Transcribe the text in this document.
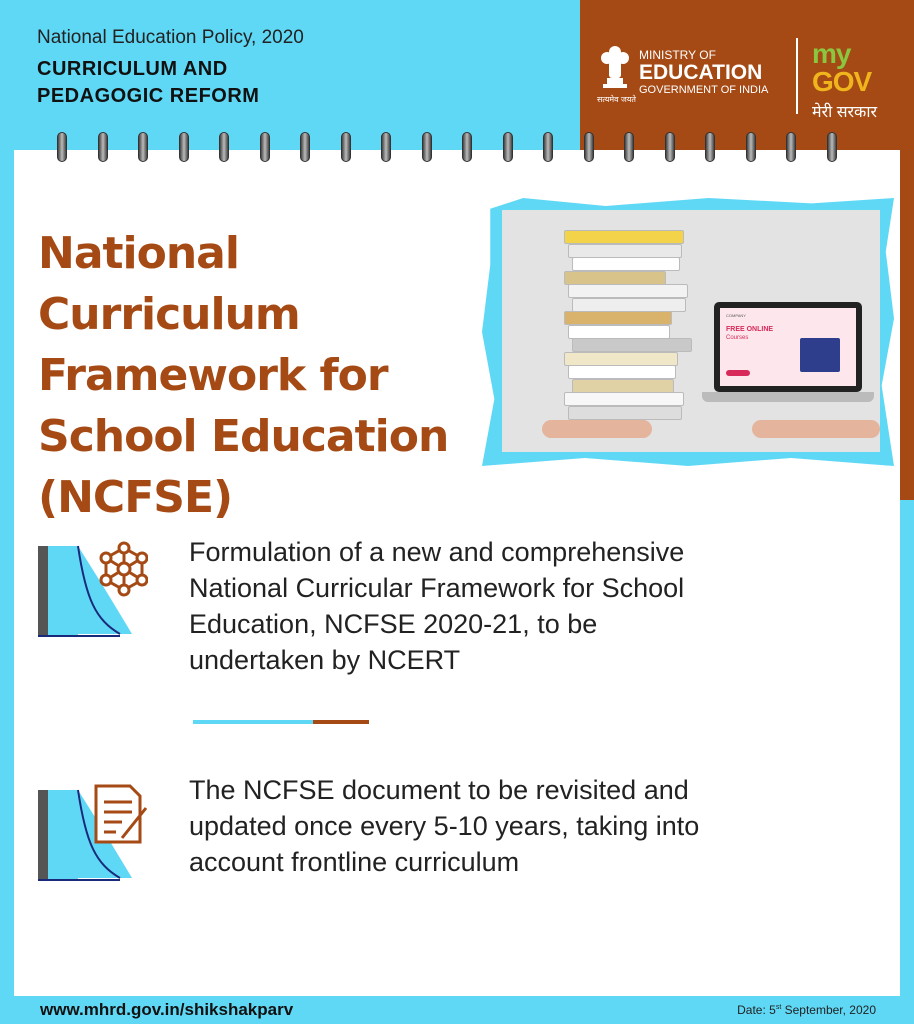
National Education Policy, 2020
CURRICULUM AND
PEDAGOGIC REFORM	सत्यमेव जयते
MINISTRY OF
EDUCATION
GOVERNMENT OF INDIA
my
GOV
मेरी सरकार
National Curriculum
Framework for
School Education
(NCFSE)
COMPANY
FREE ONLINE
Courses
Formulation of a new and comprehensive
National Curricular Framework for School
Education, NCFSE 2020-21, to be
undertaken by NCERT
The NCFSE document to be revisited and
updated once every 5-10 years, taking into
account frontline curriculum
www.mhrd.gov.in/shikshakparv	Date: 5st September, 2020
